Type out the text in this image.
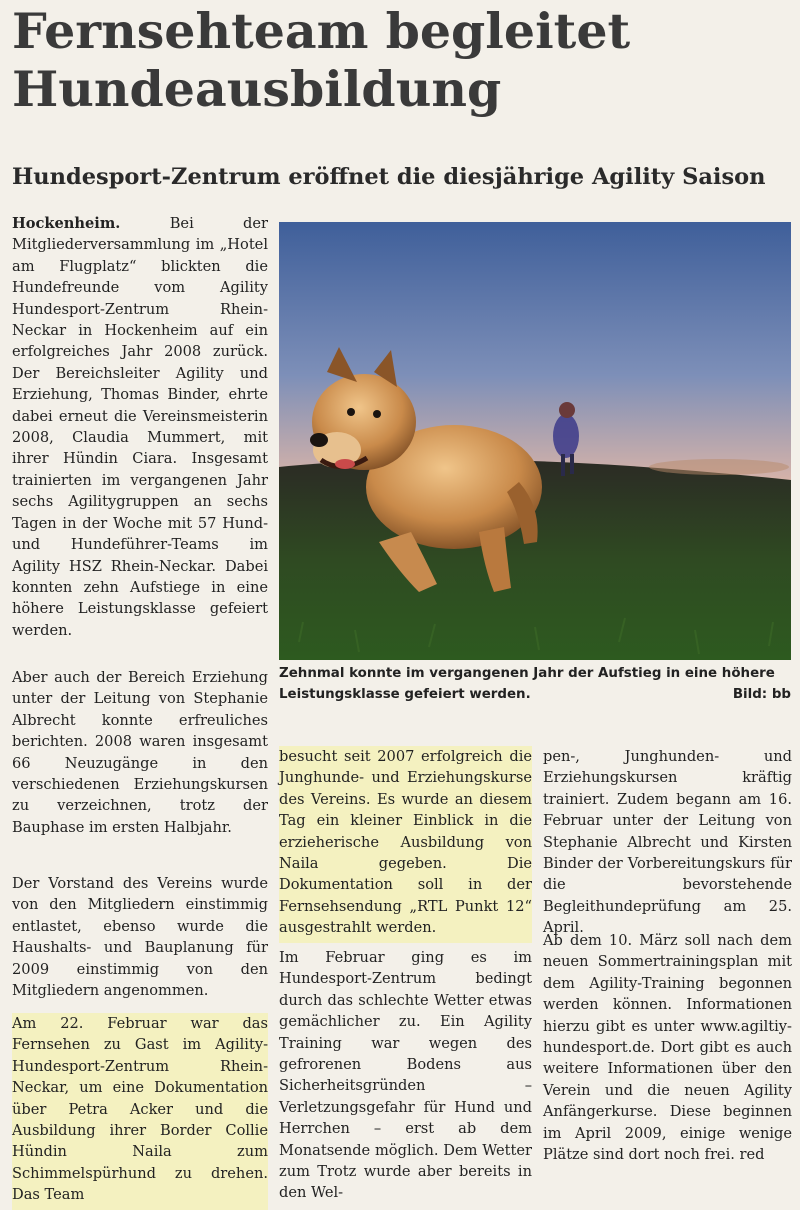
Fernsehteam begleitet Hundeausbildung
Hundesport-Zentrum eröffnet die diesjährige Agility Saison

Hockenheim.	Bei der Mitgliederversammlung im „Hotel am Flugplatz“ blickten die Hundefreunde vom Agility Hundesport-Zentrum Rhein-Neckar in Hockenheim auf ein erfolgreiches Jahr 2008 zurück. Der Bereichsleiter Agility und Erziehung, Thomas Binder, ehrte dabei erneut die Vereinsmeisterin 2008, Claudia Mummert, mit ihrer Hündin Ciara. Insgesamt trainierten im vergangenen Jahr sechs Agilitygruppen an sechs Tagen in der Woche mit 57 Hund- und Hundeführer-Teams im Agility HSZ Rhein-Neckar. Dabei konnten zehn Aufstiege in eine höhere Leistungsklasse gefeiert werden.

Aber auch der Bereich Erziehung unter der Leitung von Stephanie Albrecht konnte erfreuliches berichten. 2008 waren insgesamt 66 Neuzugänge in den verschiedenen Erziehungskursen zu verzeichnen, trotz der Bauphase im ersten Halbjahr.

Der Vorstand des Vereins wurde von den Mitgliedern einstimmig entlastet, ebenso wurde die Haushalts- und Bauplanung für 2009 einstimmig von den Mitgliedern angenommen.

Am 22. Februar war das Fernsehen zu Gast im Agility-Hundesport-Zentrum Rhein-Neckar, um eine Dokumentation über Petra Acker und die Ausbildung ihrer Border Collie Hündin Naila zum Schimmelspürhund zu drehen. Das Team

Zehnmal konnte im vergangenen Jahr der Aufstieg in eine höhere Leistungsklasse gefeiert werden.	Bild: bb

besucht seit 2007 erfolgreich die Junghunde- und Erziehungskurse des Vereins. Es wurde an diesem Tag ein kleiner Einblick in die erzieherische Ausbildung von Naila gegeben. Die Dokumentation soll in der Fernsehsendung „RTL Punkt 12“ ausgestrahlt werden.

Im Februar ging es im Hundesport-Zentrum bedingt durch das schlechte Wetter etwas gemächlicher zu. Ein Agility Training war wegen des gefrorenen Bodens aus Sicherheitsgründen – Verletzungsgefahr für Hund und Herrchen – erst ab dem Monatsende möglich. Dem Wetter zum Trotz wurde aber bereits in den Wel-

pen-, Junghunden- und Erziehungskursen kräftig trainiert. Zudem begann am 16. Februar unter der Leitung von Stephanie Albrecht und Kirsten Binder der Vorbereitungskurs für die bevorstehende Begleithundeprüfung am 25. April.

Ab dem 10. März soll nach dem neuen Sommertrainingsplan mit dem Agility-Training begonnen werden können. Informationen hierzu gibt es unter www.agiltiy-hundesport.de. Dort gibt es auch weitere Informationen über den Verein und die neuen Agility Anfängerkurse. Diese beginnen im April 2009, einige wenige Plätze sind dort noch frei. red
